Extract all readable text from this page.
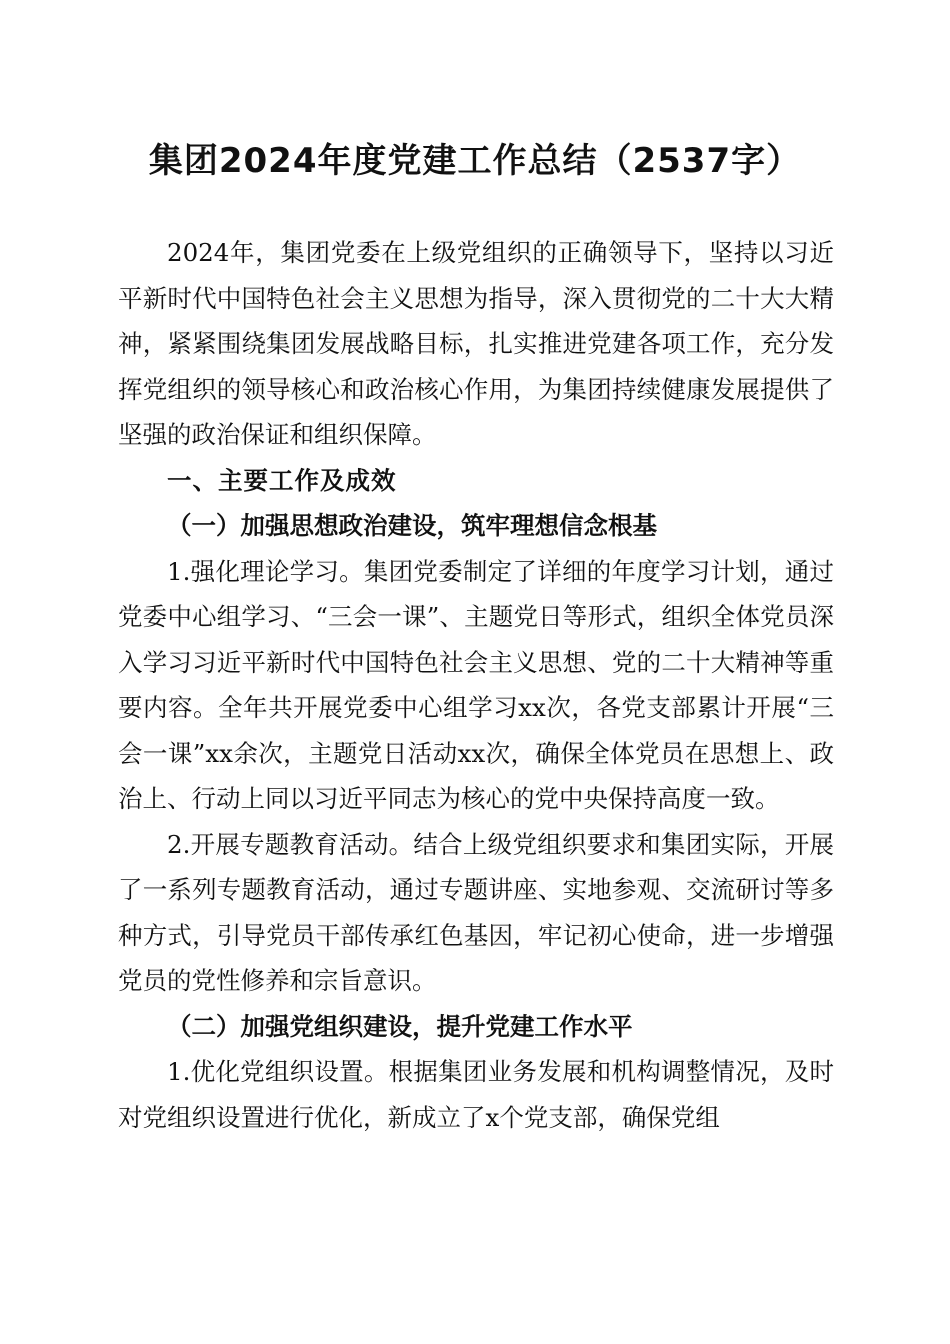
集团2024年度党建工作总结（2537字）

2024年，集团党委在上级党组织的正确领导下，坚持以习近平新时代中国特色社会主义思想为指导，深入贯彻党的二十大大精神，紧紧围绕集团发展战略目标，扎实推进党建各项工作，充分发挥党组织的领导核心和政治核心作用，为集团持续健康发展提供了坚强的政治保证和组织保障。

一、主要工作及成效

（一）加强思想政治建设，筑牢理想信念根基

1.强化理论学习。集团党委制定了详细的年度学习计划，通过党委中心组学习、“三会一课”、主题党日等形式，组织全体党员深入学习习近平新时代中国特色社会主义思想、党的二十大精神等重要内容。全年共开展党委中心组学习xx次，各党支部累计开展“三会一课”xx余次，主题党日活动xx次，确保全体党员在思想上、政治上、行动上同以习近平同志为核心的党中央保持高度一致。

2.开展专题教育活动。结合上级党组织要求和集团实际，开展了一系列专题教育活动，通过专题讲座、实地参观、交流研讨等多种方式，引导党员干部传承红色基因，牢记初心使命，进一步增强党员的党性修养和宗旨意识。

（二）加强党组织建设，提升党建工作水平

1.优化党组织设置。根据集团业务发展和机构调整情况，及时对党组织设置进行优化，新成立了x个党支部，确保党组
